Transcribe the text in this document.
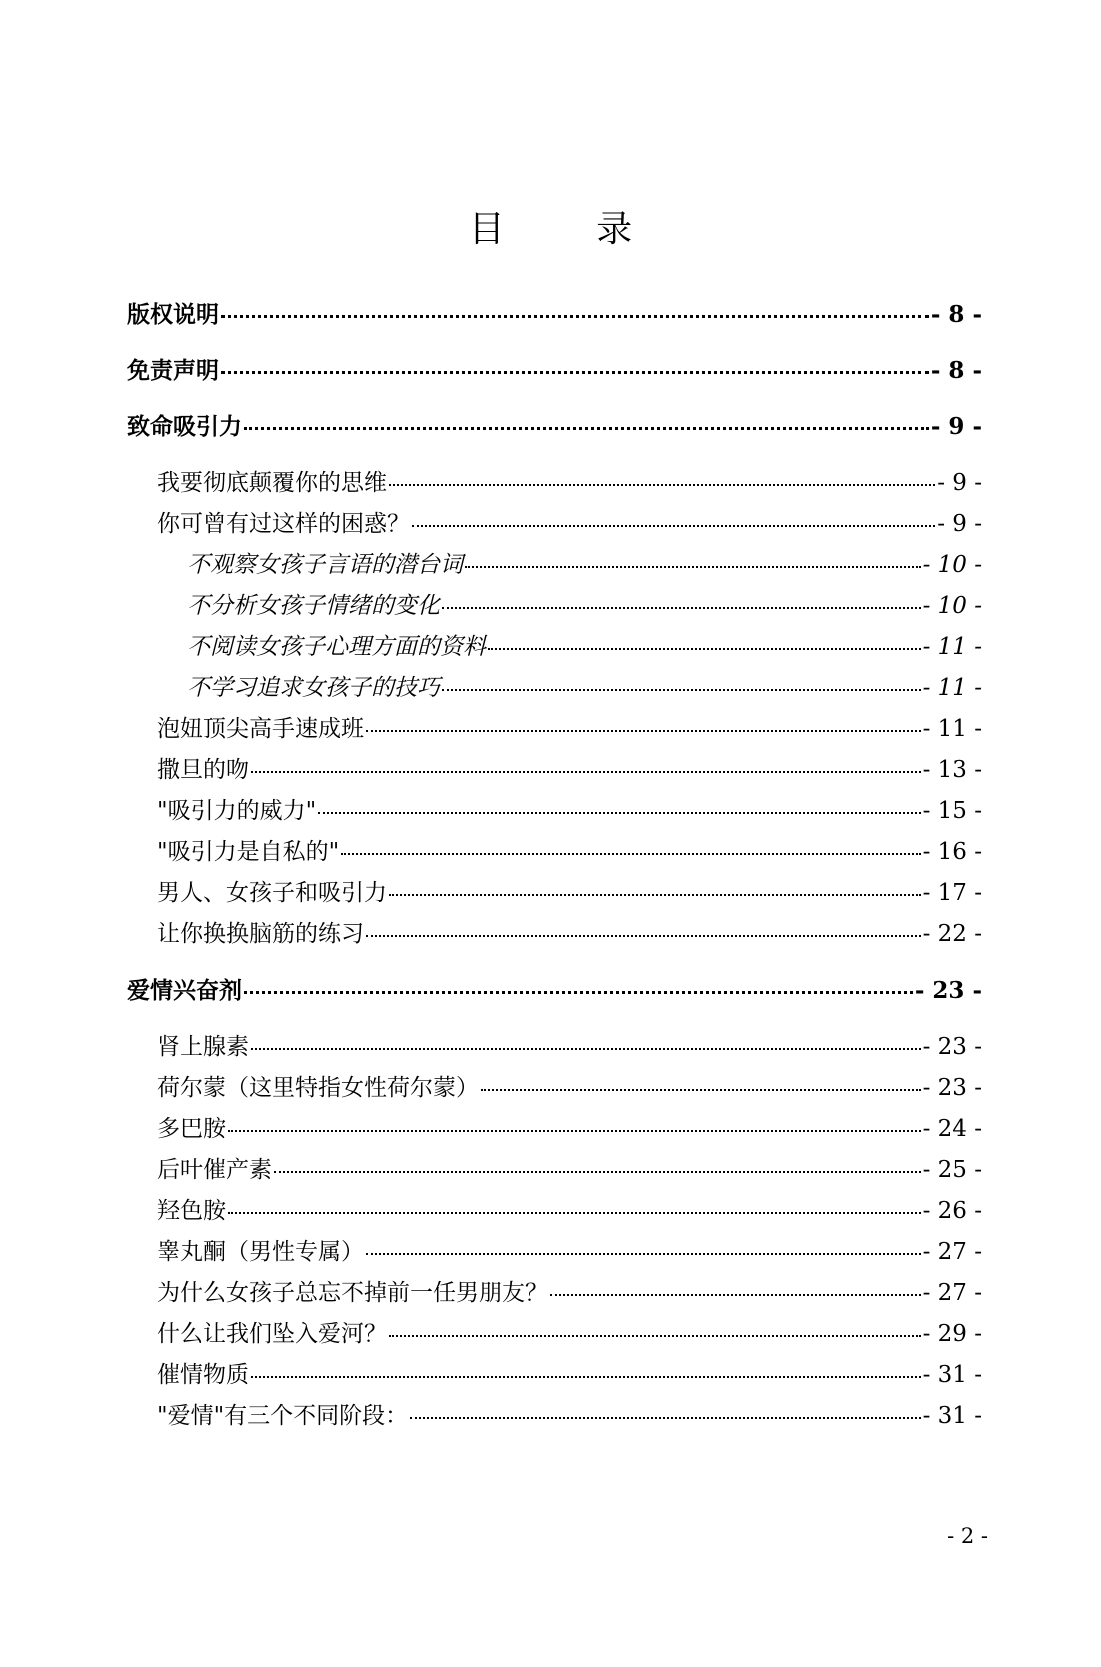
目 录
版权说明	- 8 -
免责声明	- 8 -
致命吸引力	- 9 -
我要彻底颠覆你的思维	- 9 -
你可曾有过这样的困惑？	- 9 -
不观察女孩子言语的潜台词	- 10 -
不分析女孩子情绪的变化	- 10 -
不阅读女孩子心理方面的资料	- 11 -
不学习追求女孩子的技巧	- 11 -
泡妞顶尖高手速成班	- 11 -
撒旦的吻	- 13 -
"吸引力的威力"	- 15 -
"吸引力是自私的"	- 16 -
男人、女孩子和吸引力	- 17 -
让你换换脑筋的练习	- 22 -
爱情兴奋剂	- 23 -
肾上腺素	- 23 -
荷尔蒙（这里特指女性荷尔蒙）	- 23 -
多巴胺	- 24 -
后叶催产素	- 25 -
羟色胺	- 26 -
睾丸酮（男性专属）	- 27 -
为什么女孩子总忘不掉前一任男朋友？	- 27 -
什么让我们坠入爱河？	- 29 -
催情物质	- 31 -
"爱情"有三个不同阶段：	- 31 -
- 2 -
